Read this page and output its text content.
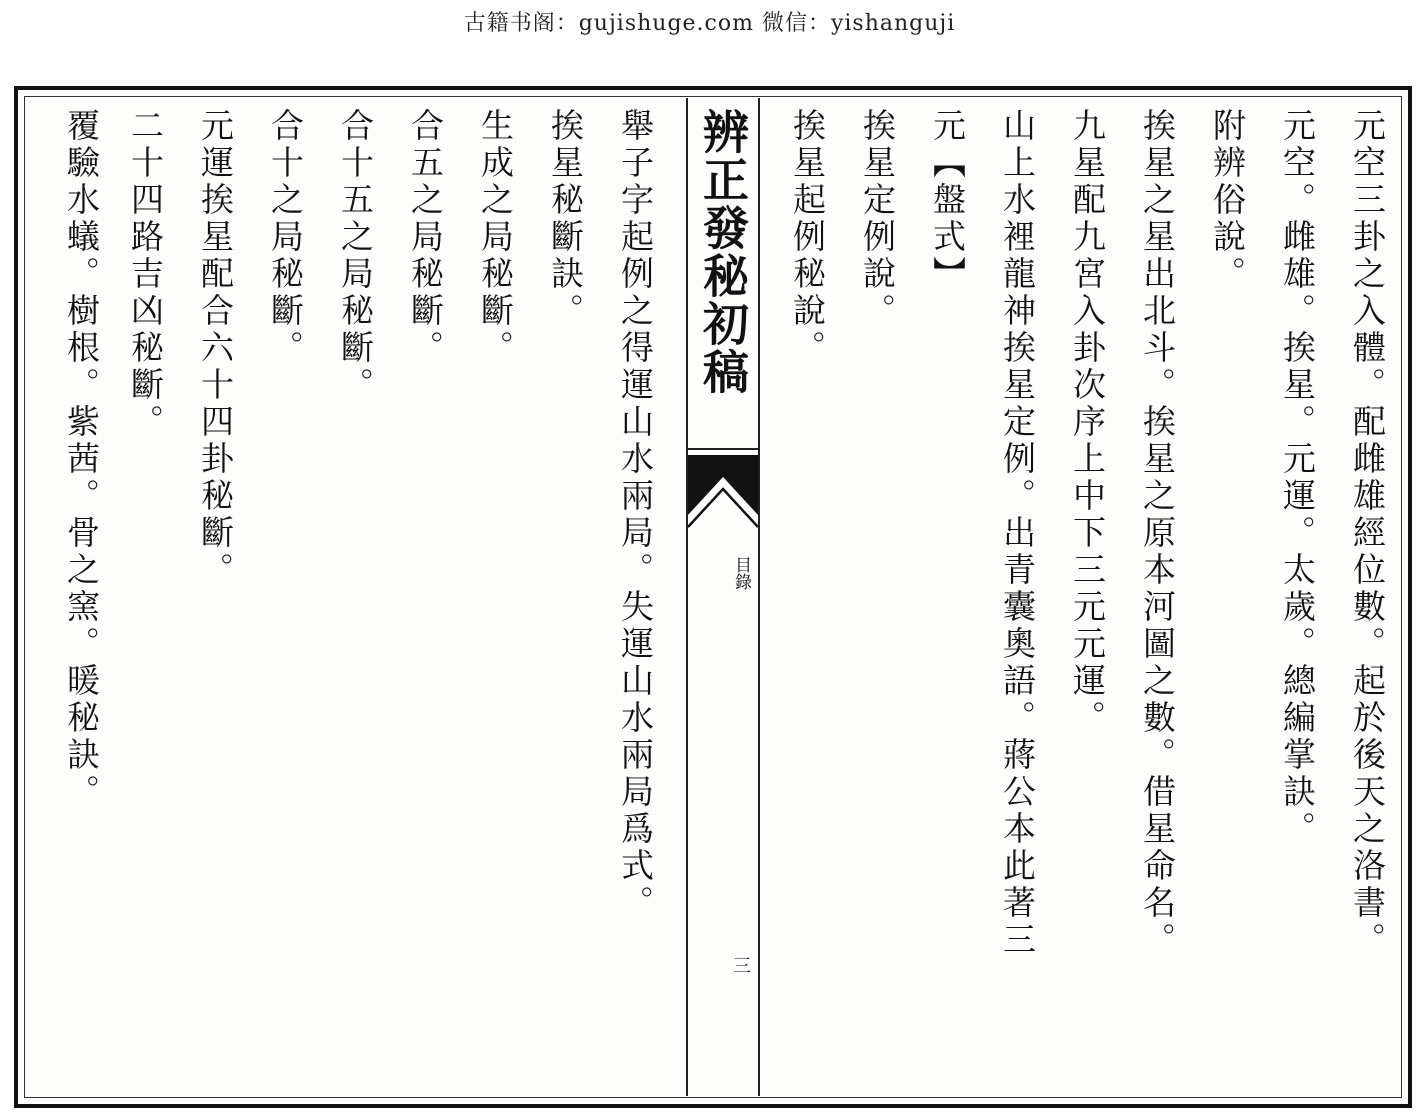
古籍书阁：gujishuge.com 微信：yishanguji
元空三卦之入體。配雌雄經位數。起於後天之洛書。
元空。雌雄。挨星。元運。太歲。總編掌訣。
附辨俗說。
挨星之星出北斗。挨星之原本河圖之數。借星命名。
九星配九宮入卦次序上中下三元元運。
山上水裡龍神挨星定例。出青囊奧語。蔣公本此著三
元【盤式】
挨星定例說。
挨星起例秘說。
辨正發秘初稿
目錄
三
舉子字起例之得運山水兩局。失運山水兩局爲式。
挨星秘斷訣。
生成之局秘斷。
合五之局秘斷。
合十五之局秘斷。
合十之局秘斷。
元運挨星配合六十四卦秘斷。
二十四路吉凶秘斷。
覆驗水蟻。樹根。紫茜。骨之窯。暖秘訣。
